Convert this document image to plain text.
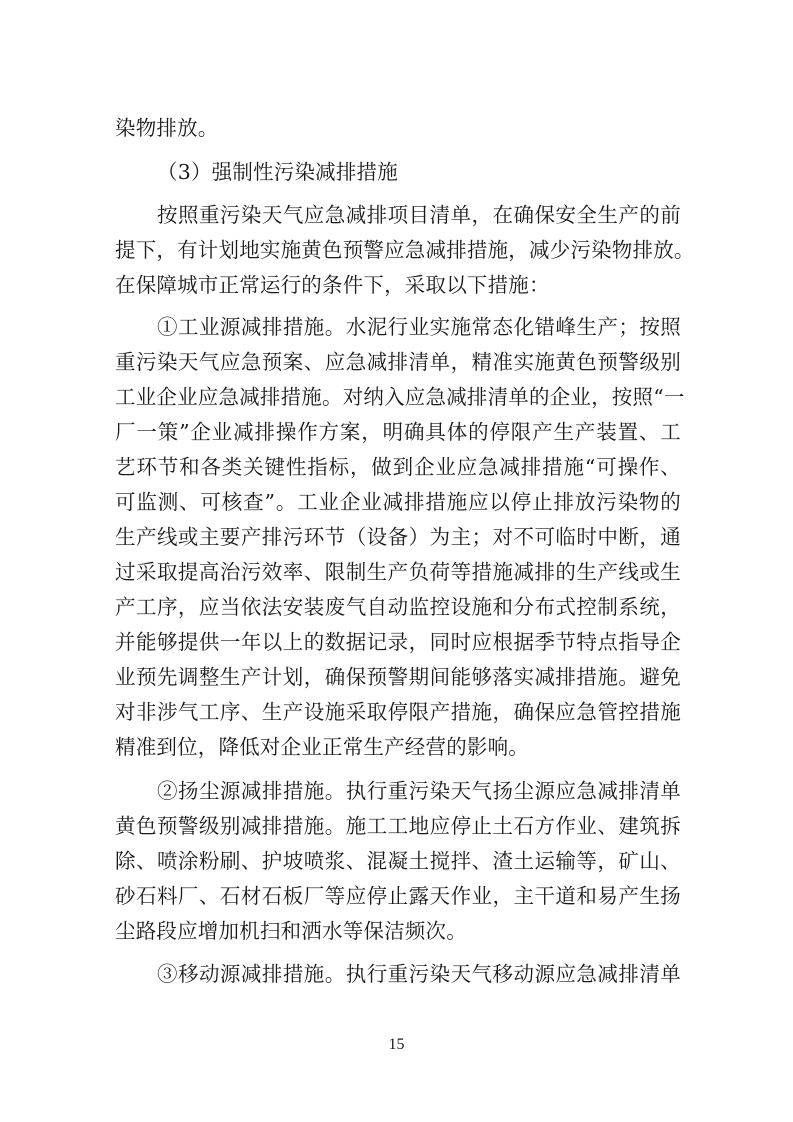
染物排放。
（3）强制性污染减排措施
按照重污染天气应急减排项目清单，在确保安全生产的前
提下，有计划地实施黄色预警应急减排措施，减少污染物排放。
在保障城市正常运行的条件下，采取以下措施：
①工业源减排措施。水泥行业实施常态化错峰生产；按照
重污染天气应急预案、应急减排清单，精准实施黄色预警级别
工业企业应急减排措施。对纳入应急减排清单的企业，按照“一
厂一策”企业减排操作方案，明确具体的停限产生产装置、工
艺环节和各类关键性指标，做到企业应急减排措施“可操作、
可监测、可核查”。工业企业减排措施应以停止排放污染物的
生产线或主要产排污环节（设备）为主；对不可临时中断，通
过采取提高治污效率、限制生产负荷等措施减排的生产线或生
产工序，应当依法安装废气自动监控设施和分布式控制系统，
并能够提供一年以上的数据记录，同时应根据季节特点指导企
业预先调整生产计划，确保预警期间能够落实减排措施。避免
对非涉气工序、生产设施采取停限产措施，确保应急管控措施
精准到位，降低对企业正常生产经营的影响。
②扬尘源减排措施。执行重污染天气扬尘源应急减排清单
黄色预警级别减排措施。施工工地应停止土石方作业、建筑拆
除、喷涂粉刷、护坡喷浆、混凝土搅拌、渣土运输等，矿山、
砂石料厂、石材石板厂等应停止露天作业，主干道和易产生扬
尘路段应增加机扫和洒水等保洁频次。
③移动源减排措施。执行重污染天气移动源应急减排清单
15
